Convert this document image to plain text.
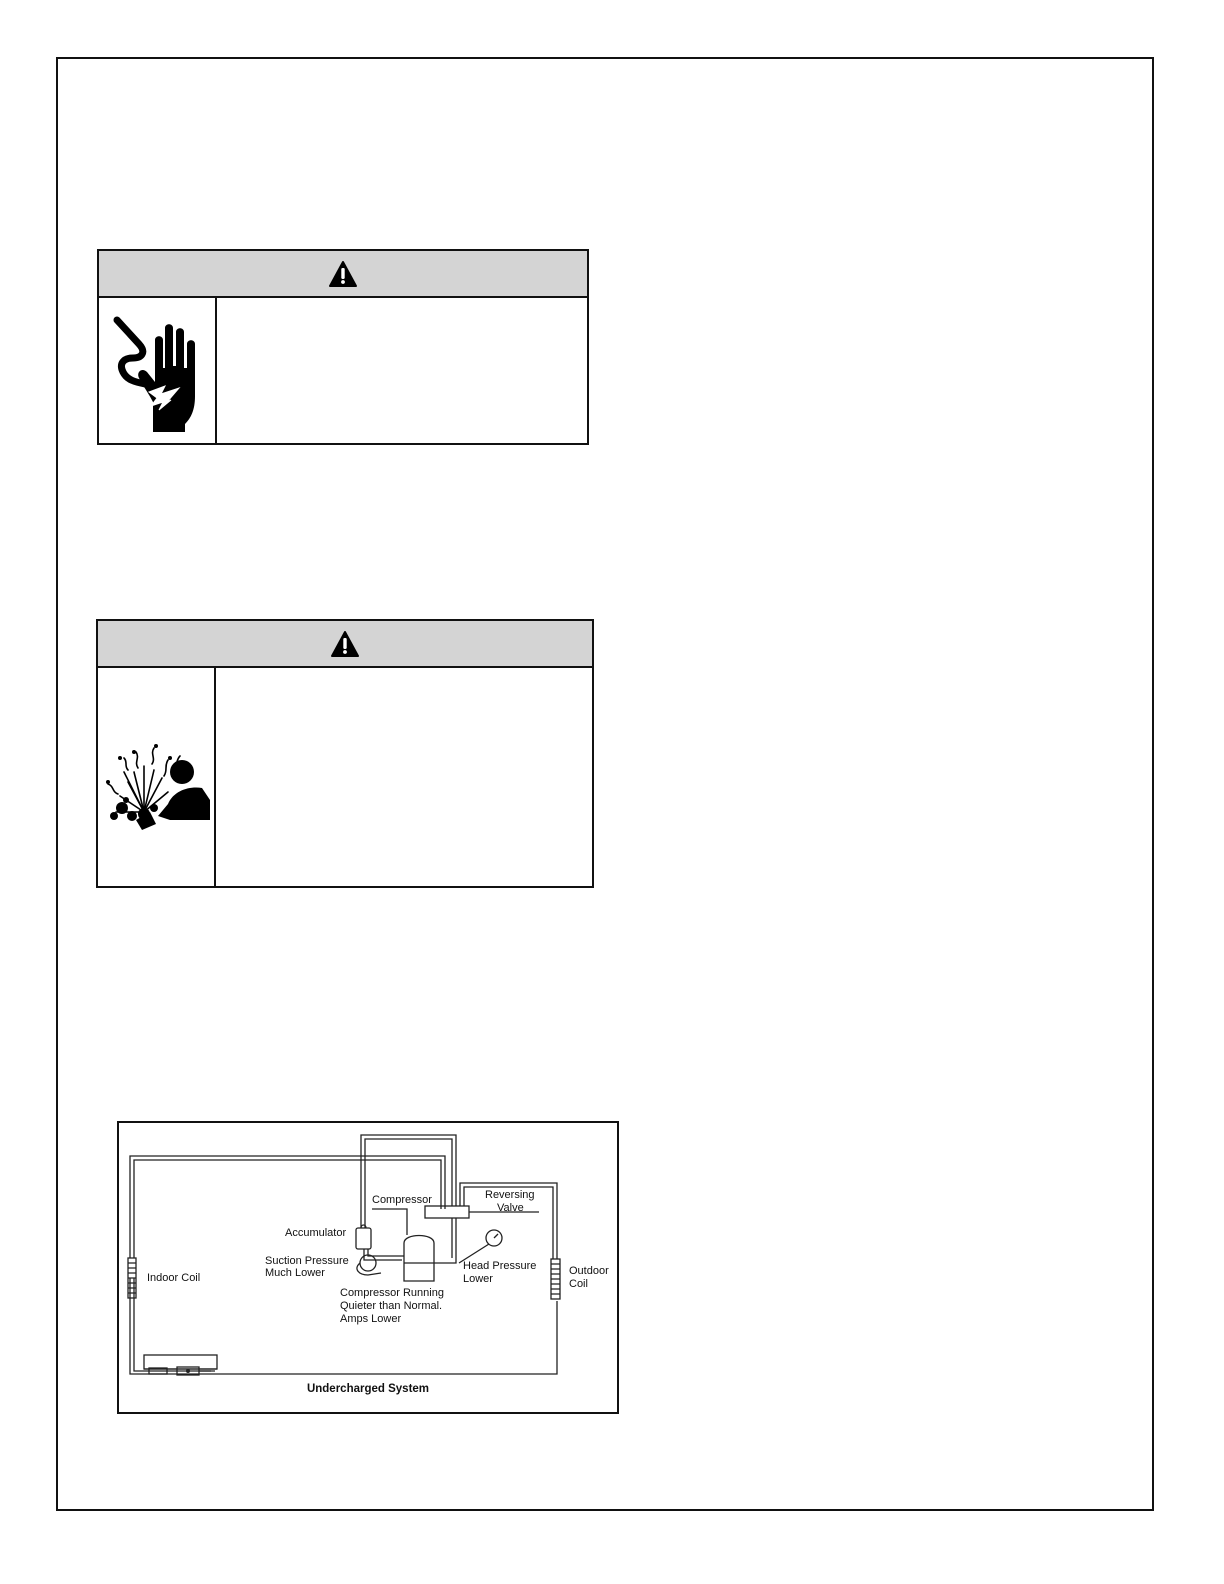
Compressor	Reversing
Valve
Accumulator
Suction Pressure
Much Lower
Indoor Coil
Head Pressure
Lower
Outdoor
Coil
Compressor Running
Quieter than Normal.
Amps Lower
Undercharged System
